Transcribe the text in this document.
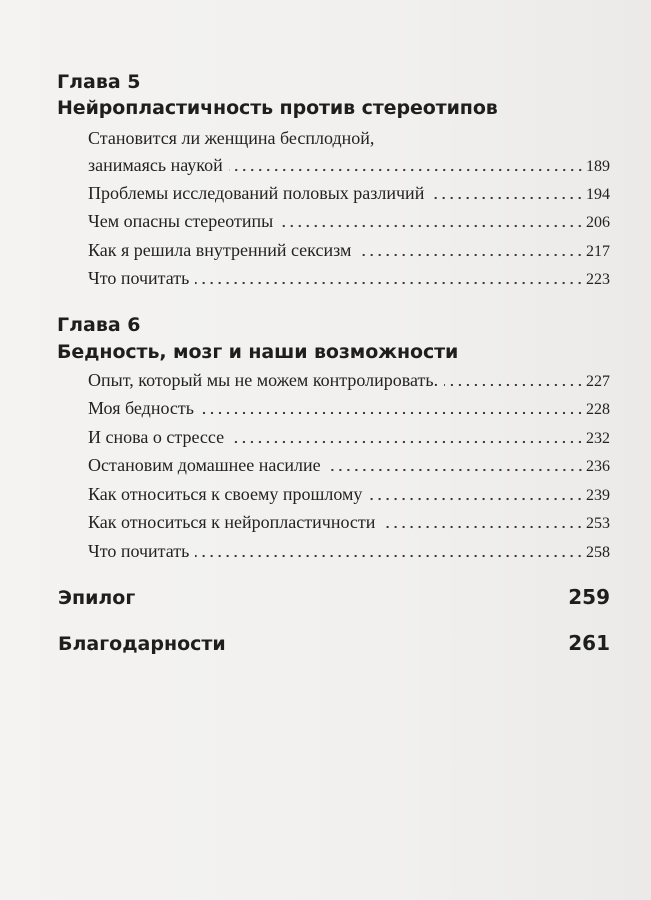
Глава 5
Нейропластичность против стереотипов
Становится ли женщина бесплодной,
занимаясь наукой	189
Проблемы исследований половых различий	194
Чем опасны стереотипы	206
Как я решила внутренний сексизм	217
Что почитать	223
Глава 6
Бедность, мозг и наши возможности
Опыт, который мы не можем контролировать.	227
Моя бедность	228
И снова о стрессе	232
Остановим домашнее насилие	236
Как относиться к своему прошлому	239
Как относиться к нейропластичности	253
Что почитать	258
Эпилог	259
Благодарности	261
